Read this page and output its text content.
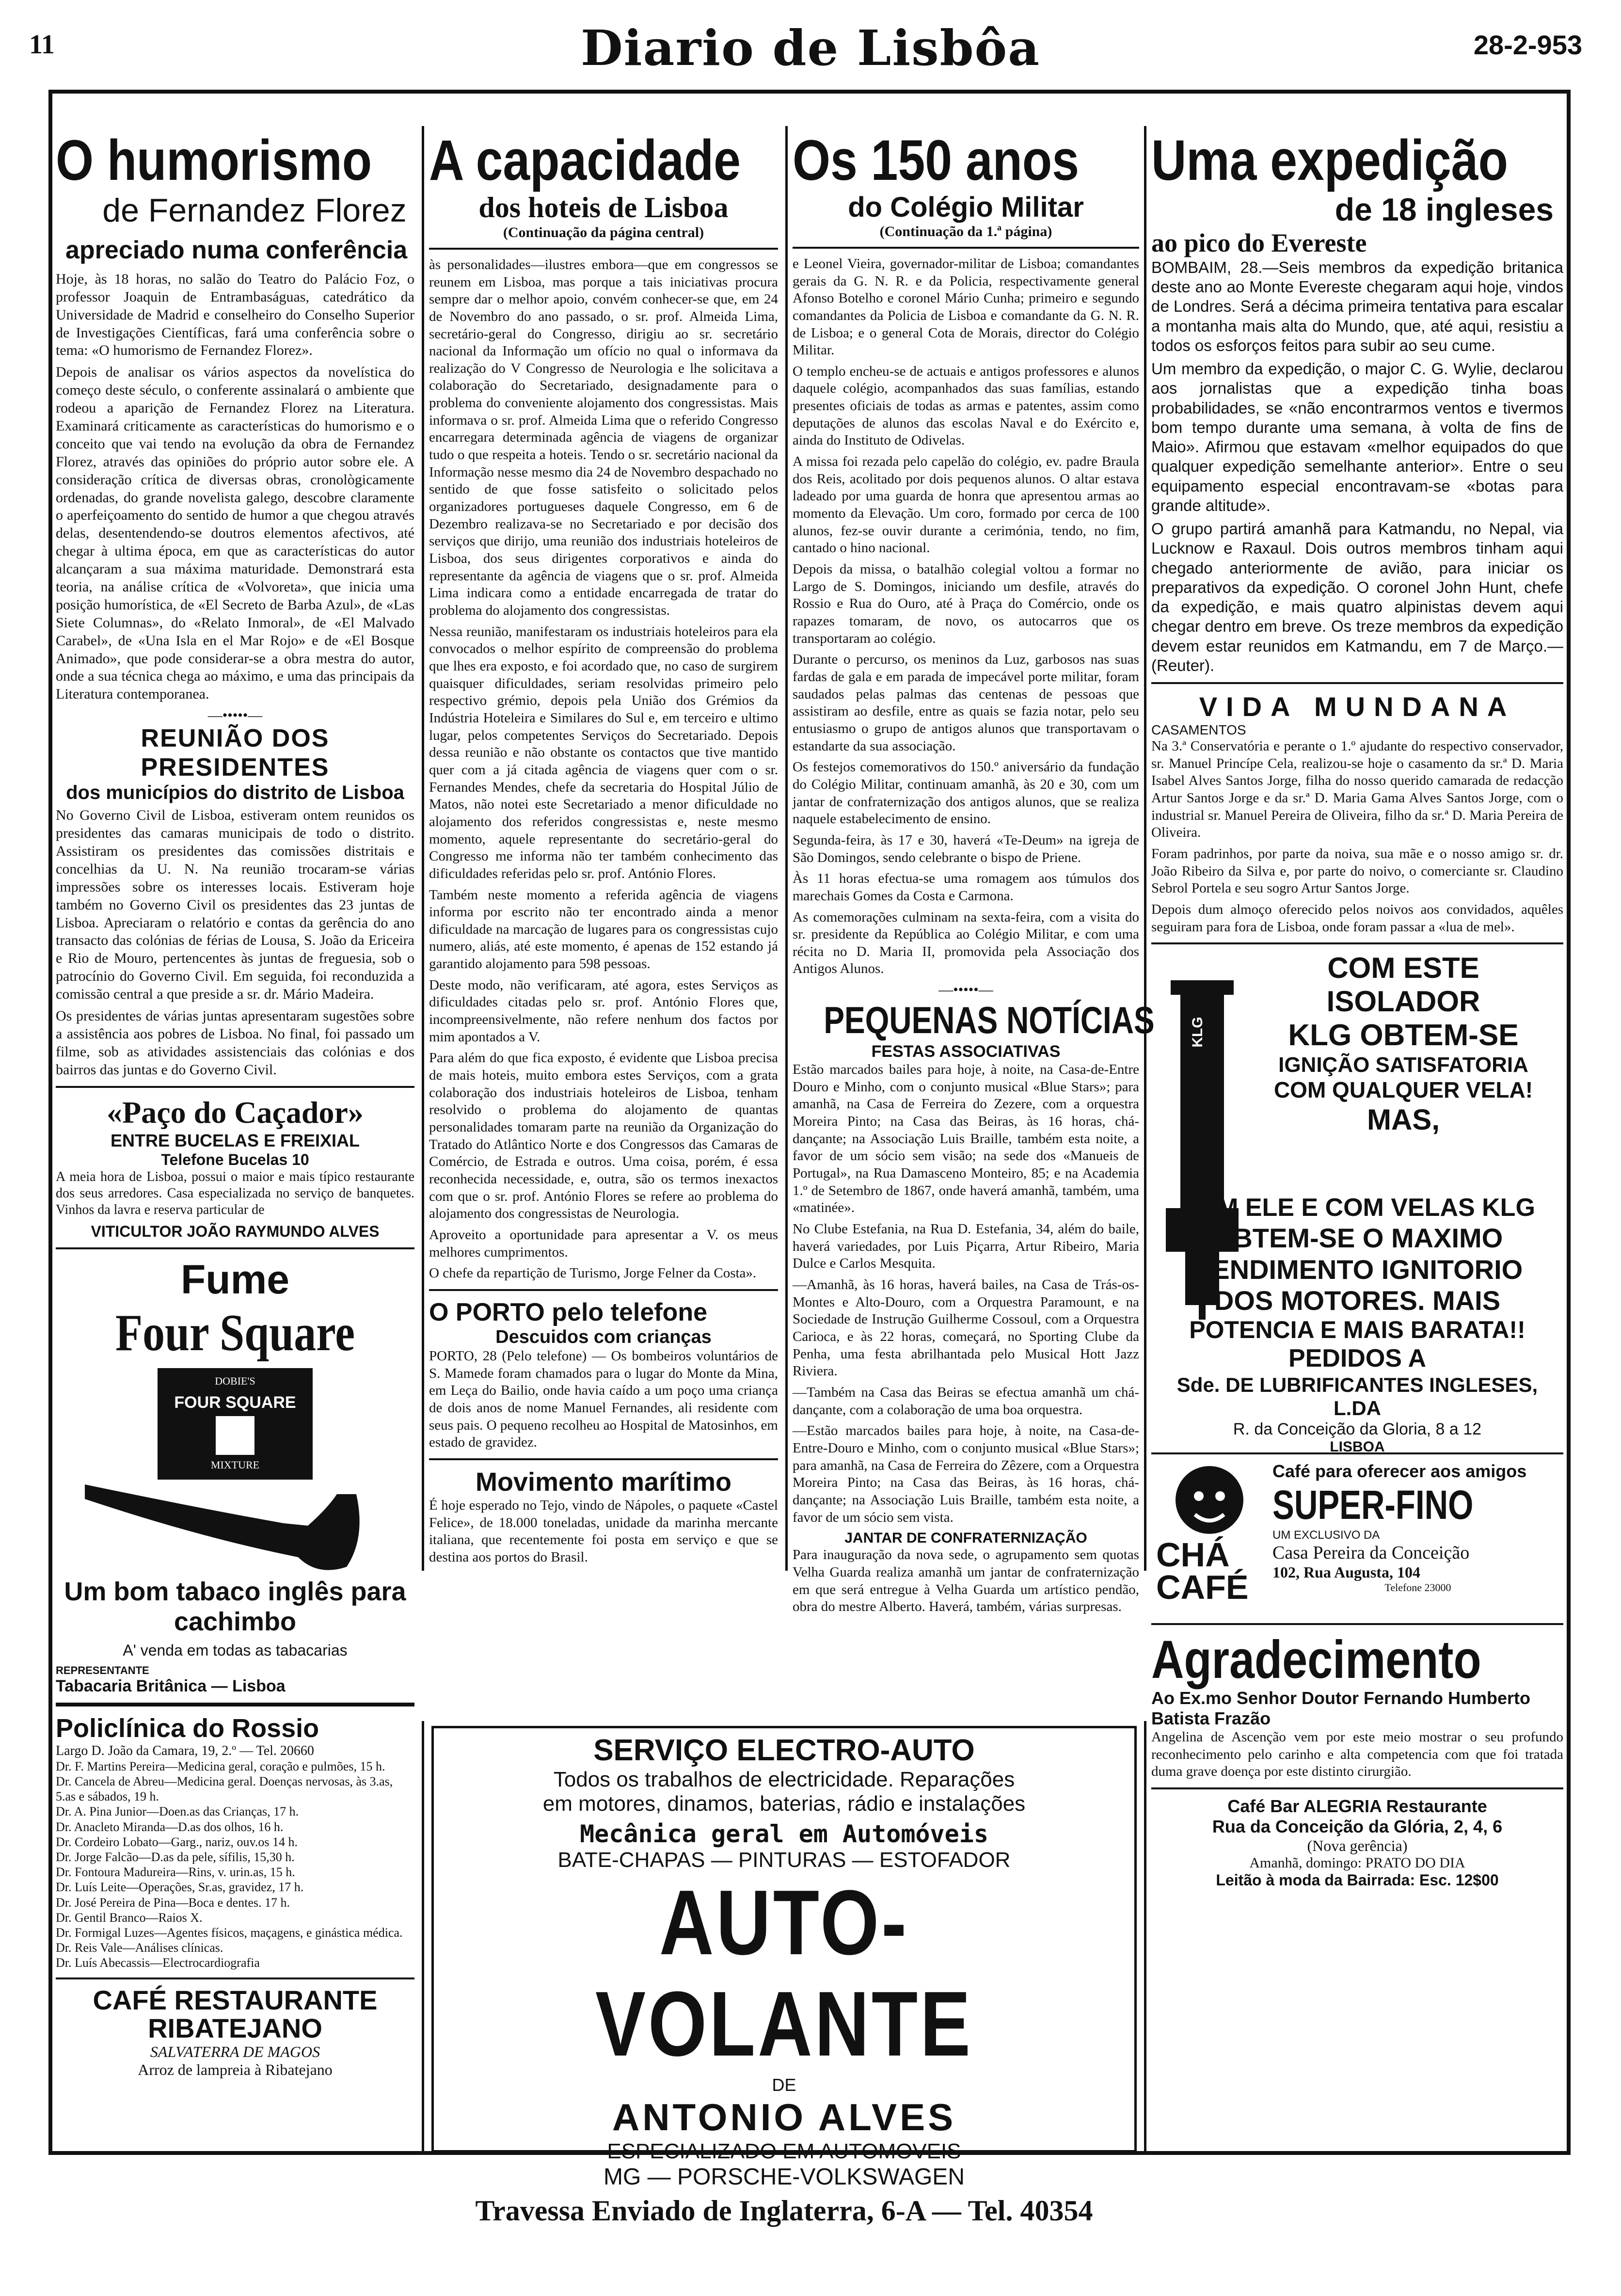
11	Diario de Lisbôa	28-2-953
O humorismo
de Fernandez Florez
apreciado numa conferência

Hoje, às 18 horas, no salão do Teatro do Palácio Foz, o professor Joaquin de Entrambaságuas, catedrático da Universidade de Madrid e conselheiro do Conselho Superior de Investigações Científicas, fará uma conferência sobre o tema: «O humorismo de Fernandez Florez».

Depois de analisar os vários aspectos da novelística do começo deste século, o conferente assinalará o ambiente que rodeou a aparição de Fernandez Florez na Literatura. Examinará criticamente as características do humorismo e o conceito que vai tendo na evolução da obra de Fernandez Florez, através das opiniões do próprio autor sobre ele. A consideração crítica de diversas obras, cronològicamente ordenadas, do grande novelista galego, descobre claramente o aperfeiçoamento do sentido de humor a que chegou através delas, desentendendo-se doutros elementos afectivos, até chegar à ultima época, em que as características do autor alcançaram a sua máxima maturidade. Demonstrará esta teoria, na análise crítica de «Volvoreta», que inicia uma posição humorística, de «El Secreto de Barba Azul», de «Las Siete Columnas», do «Relato Inmoral», de «El Malvado Carabel», de «Una Isla en el Mar Rojo» e de «El Bosque Animado», que pode considerar-se a obra mestra do autor, onde a sua técnica chega ao máximo, e uma das principais da Literatura contemporanea.

—•••••—
REUNIÃO DOS PRESIDENTES
dos municípios do distrito de Lisboa

No Governo Civil de Lisboa, estiveram ontem reunidos os presidentes das camaras municipais de todo o distrito. Assistiram os presidentes das comissões distritais e concelhias da U. N. Na reunião trocaram-se várias impressões sobre os interesses locais. Estiveram hoje também no Governo Civil os presidentes das 23 juntas de Lisboa. Apreciaram o relatório e contas da gerência do ano transacto das colónias de férias de Lousa, S. João da Ericeira e Rio de Mouro, pertencentes às juntas de freguesia, sob o patrocínio do Governo Civil. Em seguida, foi reconduzida a comissão central a que preside a sr. dr. Mário Madeira.

Os presidentes de várias juntas apresentaram sugestões sobre a assistência aos pobres de Lisboa. No final, foi passado um filme, sob as atividades assistenciais das colónias e dos bairros das juntas e do Governo Civil.

«Paço do Caçador»
ENTRE BUCELAS E FREIXIAL
Telefone Bucelas 10

A meia hora de Lisboa, possui o maior e mais típico restaurante dos seus arredores. Casa especializada no serviço de banquetes. Vinhos da lavra e reserva particular de

VITICULTOR JOÃO RAYMUNDO ALVES
Fume
Four Square
DOBIE'S
FOUR SQUARE
MIXTURE
Um bom tabaco inglês para cachimbo
A' venda em todas as tabacarias
REPRESENTANTE
Tabacaria Britânica — Lisboa
Policlínica do Rossio
Largo D. João da Camara, 19, 2.º — Tel. 20660
Dr. F. Martins Pereira—Medicina geral, coração e pulmões, 15 h.
Dr. Cancela de Abreu—Medicina geral. Doenças nervosas, às 3.as, 5.as e sábados, 19 h.
Dr. A. Pina Junior—Doen.as das Crianças, 17 h.
Dr. Anacleto Miranda—D.as dos olhos, 16 h.
Dr. Cordeiro Lobato—Garg., nariz, ouv.os 14 h.
Dr. Jorge Falcão—D.as da pele, sífilis, 15,30 h.
Dr. Fontoura Madureira—Rins, v. urin.as, 15 h.
Dr. Luís Leite—Operações, Sr.as, gravidez, 17 h.
Dr. José Pereira de Pina—Boca e dentes. 17 h.
Dr. Gentil Branco—Raios X.
Dr. Formigal Luzes—Agentes físicos, maçagens, e ginástica médica.
Dr. Reis Vale—Análises clínicas.
Dr. Luís Abecassis—Electrocardiografia
CAFÉ RESTAURANTE
RIBATEJANO
SALVATERRA DE MAGOS
Arroz de lampreia à Ribatejano
A capacidade
dos hoteis de Lisboa
(Continuação da página central)

às personalidades—ilustres embora—que em congressos se reunem em Lisboa, mas porque a tais iniciativas procura sempre dar o melhor apoio, convém conhecer-se que, em 24 de Novembro do ano passado, o sr. prof. Almeida Lima, secretário-geral do Congresso, dirigiu ao sr. secretário nacional da Informação um ofício no qual o informava da realização do V Congresso de Neurologia e lhe solicitava a colaboração do Secretariado, designadamente para o problema do conveniente alojamento dos congressistas. Mais informava o sr. prof. Almeida Lima que o referido Congresso encarregara determinada agência de viagens de organizar tudo o que respeita a hoteis. Tendo o sr. secretário nacional da Informação nesse mesmo dia 24 de Novembro despachado no sentido de que fosse satisfeito o solicitado pelos organizadores portugueses daquele Congresso, em 6 de Dezembro realizava-se no Secretariado e por decisão dos serviços que dirijo, uma reunião dos industriais hoteleiros de Lisboa, dos seus dirigentes corporativos e ainda do representante da agência de viagens que o sr. prof. Almeida Lima indicara como a entidade encarregada de tratar do problema do alojamento dos congressistas.

Nessa reunião, manifestaram os industriais hoteleiros para ela convocados o melhor espírito de compreensão do problema que lhes era exposto, e foi acordado que, no caso de surgirem quaisquer dificuldades, seriam resolvidas primeiro pelo respectivo grémio, depois pela União dos Grémios da Indústria Hoteleira e Similares do Sul e, em terceiro e ultimo lugar, pelos competentes Serviços do Secretariado. Depois dessa reunião e não obstante os contactos que tive mantido quer com a já citada agência de viagens quer com o sr. Fernandes Mendes, chefe da secretaria do Hospital Júlio de Matos, não notei este Secretariado a menor dificuldade no alojamento dos referidos congressistas e, neste mesmo momento, aquele representante do secretário-geral do Congresso me informa não ter também conhecimento das dificuldades referidas pelo sr. prof. António Flores.

Também neste momento a referida agência de viagens informa por escrito não ter encontrado ainda a menor dificuldade na marcação de lugares para os congressistas cujo numero, aliás, até este momento, é apenas de 152 estando já garantido alojamento para 598 pessoas.

Deste modo, não verificaram, até agora, estes Serviços as dificuldades citadas pelo sr. prof. António Flores que, incompreensivelmente, não refere nenhum dos factos por mim apontados a V.

Para além do que fica exposto, é evidente que Lisboa precisa de mais hoteis, muito embora estes Serviços, com a grata colaboração dos industriais hoteleiros de Lisboa, tenham resolvido o problema do alojamento de quantas personalidades tomaram parte na reunião da Organização do Tratado do Atlântico Norte e dos Congressos das Camaras de Comércio, de Estrada e outros. Uma coisa, porém, é essa reconhecida necessidade, e, outra, são os termos inexactos com que o sr. prof. António Flores se refere ao problema do alojamento dos congressistas de Neurologia.

Aproveito a oportunidade para apresentar a V. os meus melhores cumprimentos.

O chefe da repartição de Turismo, Jorge Felner da Costa».

O PORTO pelo telefone
Descuidos com crianças

PORTO, 28 (Pelo telefone) — Os bombeiros voluntários de S. Mamede foram chamados para o lugar do Monte da Mina, em Leça do Bailio, onde havia caído a um poço uma criança de dois anos de nome Manuel Fernandes, ali residente com seus pais. O pequeno recolheu ao Hospital de Matosinhos, em estado de gravidez.

Movimento marítimo

É hoje esperado no Tejo, vindo de Nápoles, o paquete «Castel Felice», de 18.000 toneladas, unidade da marinha mercante italiana, que recentemente foi posta em serviço e que se destina aos portos do Brasil.

Os 150 anos
do Colégio Militar
(Continuação da 1.ª página)

e Leonel Vieira, governador-militar de Lisboa; comandantes gerais da G. N. R. e da Policia, respectivamente general Afonso Botelho e coronel Mário Cunha; primeiro e segundo comandantes da Policia de Lisboa e comandante da G. N. R. de Lisboa; e o general Cota de Morais, director do Colégio Militar.

O templo encheu-se de actuais e antigos professores e alunos daquele colégio, acompanhados das suas famílias, estando presentes oficiais de todas as armas e patentes, assim como deputações de alunos das escolas Naval e do Exército e, ainda do Instituto de Odivelas.

A missa foi rezada pelo capelão do colégio, ev. padre Braula dos Reis, acolitado por dois pequenos alunos. O altar estava ladeado por uma guarda de honra que apresentou armas ao momento da Elevação. Um coro, formado por cerca de 100 alunos, fez-se ouvir durante a cerimónia, tendo, no fim, cantado o hino nacional.

Depois da missa, o batalhão colegial voltou a formar no Largo de S. Domingos, iniciando um desfile, através do Rossio e Rua do Ouro, até à Praça do Comércio, onde os rapazes tomaram, de novo, os autocarros que os transportaram ao colégio.

Durante o percurso, os meninos da Luz, garbosos nas suas fardas de gala e em parada de impecável porte militar, foram saudados pelas palmas das centenas de pessoas que assistiram ao desfile, entre as quais se fazia notar, pelo seu entusiasmo o grupo de antigos alunos que transportavam o estandarte da sua associação.

Os festejos comemorativos do 150.º aniversário da fundação do Colégio Militar, continuam amanhã, às 20 e 30, com um jantar de confraternização dos antigos alunos, que se realiza naquele estabelecimento de ensino.

Segunda-feira, às 17 e 30, haverá «Te-Deum» na igreja de São Domingos, sendo celebrante o bispo de Priene.

Às 11 horas efectua-se uma romagem aos túmulos dos marechais Gomes da Costa e Carmona.

As comemorações culminam na sexta-feira, com a visita do sr. presidente da República ao Colégio Militar, e com uma récita no D. Maria II, promovida pela Associação dos Antigos Alunos.

—•••••—
PEQUENAS NOTÍCIAS
FESTAS ASSOCIATIVAS

Estão marcados bailes para hoje, à noite, na Casa-de-Entre Douro e Minho, com o conjunto musical «Blue Stars»; para amanhã, na Casa de Ferreira do Zezere, com a orquestra Moreira Pinto; na Casa das Beiras, às 16 horas, chá-dançante; na Associação Luis Braille, também esta noite, a favor de um sócio sem visão; na sede dos «Manueis de Portugal», na Rua Damasceno Monteiro, 85; e na Academia 1.º de Setembro de 1867, onde haverá amanhã, também, uma «matinée».

No Clube Estefania, na Rua D. Estefania, 34, além do baile, haverá variedades, por Luis Piçarra, Artur Ribeiro, Maria Dulce e Carlos Mesquita.

—Amanhã, às 16 horas, haverá bailes, na Casa de Trás-os-Montes e Alto-Douro, com a Orquestra Paramount, e na Sociedade de Instrução Guilherme Cossoul, com a Orquestra Carioca, e às 22 horas, começará, no Sporting Clube da Penha, uma festa abrilhantada pelo Musical Hott Jazz Riviera.

—Também na Casa das Beiras se efectua amanhã um chá-dançante, com a colaboração de uma boa orquestra.

—Estão marcados bailes para hoje, à noite, na Casa-de-Entre-Douro e Minho, com o conjunto musical «Blue Stars»; para amanhã, na Casa de Ferreira do Zêzere, com a Orquestra Moreira Pinto; na Casa das Beiras, às 16 horas, chá-dançante; na Associação Luis Braille, também esta noite, a favor de um sócio sem vista.

JANTAR DE CONFRATERNIZAÇÃO

Para inauguração da nova sede, o agrupamento sem quotas Velha Guarda realiza amanhã um jantar de confraternização em que será entregue à Velha Guarda um artístico pendão, obra do mestre Alberto. Haverá, também, várias surpresas.

Uma expedição
de 18 ingleses
ao pico do Evereste

BOMBAIM, 28.—Seis membros da expedição britanica deste ano ao Monte Evereste chegaram aqui hoje, vindos de Londres. Será a décima primeira tentativa para escalar a montanha mais alta do Mundo, que, até aqui, resistiu a todos os esforços feitos para subir ao seu cume.

Um membro da expedição, o major C. G. Wylie, declarou aos jornalistas que a expedição tinha boas probabilidades, se «não encontrarmos ventos e tivermos bom tempo durante uma semana, à volta de fins de Maio». Afirmou que estavam «melhor equipados do que qualquer expedição semelhante anterior». Entre o seu equipamento especial encontravam-se «botas para grande altitude».

O grupo partirá amanhã para Katmandu, no Nepal, via Lucknow e Raxaul. Dois outros membros tinham aqui chegado anteriormente de avião, para iniciar os preparativos da expedição. O coronel John Hunt, chefe da expedição, e mais quatro alpinistas devem aqui chegar dentro em breve. Os treze membros da expedição devem estar reunidos em Katmandu, em 7 de Março.—(Reuter).

VIDA MUNDANA
CASAMENTOS

Na 3.ª Conservatória e perante o 1.º ajudante do respectivo conservador, sr. Manuel Princípe Cela, realizou-se hoje o casamento da sr.ª D. Maria Isabel Alves Santos Jorge, filha do nosso querido camarada de redacção Artur Santos Jorge e da sr.ª D. Maria Gama Alves Santos Jorge, com o industrial sr. Manuel Pereira de Oliveira, filho da sr.ª D. Maria Pereira de Oliveira.

Foram padrinhos, por parte da noiva, sua mãe e o nosso amigo sr. dr. João Ribeiro da Silva e, por parte do noivo, o comerciante sr. Claudino Sebrol Portela e seu sogro Artur Santos Jorge.

Depois dum almoço oferecido pelos noivos aos convidados, aquêles seguiram para fora de Lisboa, onde foram passar a «lua de mel».

KLG
COM ESTE
ISOLADOR
KLG OBTEM-SE
IGNIÇÃO SATISFATORIA
COM QUALQUER VELA!
MAS,
COM ELE E COM VELAS KLG
OBTEM-SE O MAXIMO
RENDIMENTO IGNITORIO
DOS MOTORES. MAIS
POTENCIA E MAIS BARATA!!
PEDIDOS A
Sde. DE LUBRIFICANTES INGLESES, L.DA
R. da Conceição da Gloria, 8 a 12
LISBOA
CHÁ
CAFÉ
Café para oferecer aos amigos
SUPER-FINO
UM EXCLUSIVO DA
Casa Pereira da Conceição
102, Rua Augusta, 104
Telefone 23000
Agradecimento
Ao Ex.mo Senhor Doutor Fernando Humberto Batista Frazão

Angelina de Ascenção vem por este meio mostrar o seu profundo reconhecimento pelo carinho e alta competencia com que foi tratada duma grave doença por este distinto cirurgião.

Café Bar ALEGRIA Restaurante
Rua da Conceição da Glória, 2, 4, 6
(Nova gerência)
Amanhã, domingo: PRATO DO DIA
Leitão à moda da Bairrada: Esc. 12$00
SERVIÇO ELECTRO-AUTO
Todos os trabalhos de electricidade. Reparações
em motores, dinamos, baterias, rádio e instalações
Mecânica geral em Automóveis
BATE-CHAPAS — PINTURAS — ESTOFADOR
AUTO-VOLANTE
DE
ANTONIO ALVES
ESPECIALIZADO EM AUTOMOVEIS
MG — PORSCHE-VOLKSWAGEN
Travessa Enviado de Inglaterra, 6-A — Tel. 40354
